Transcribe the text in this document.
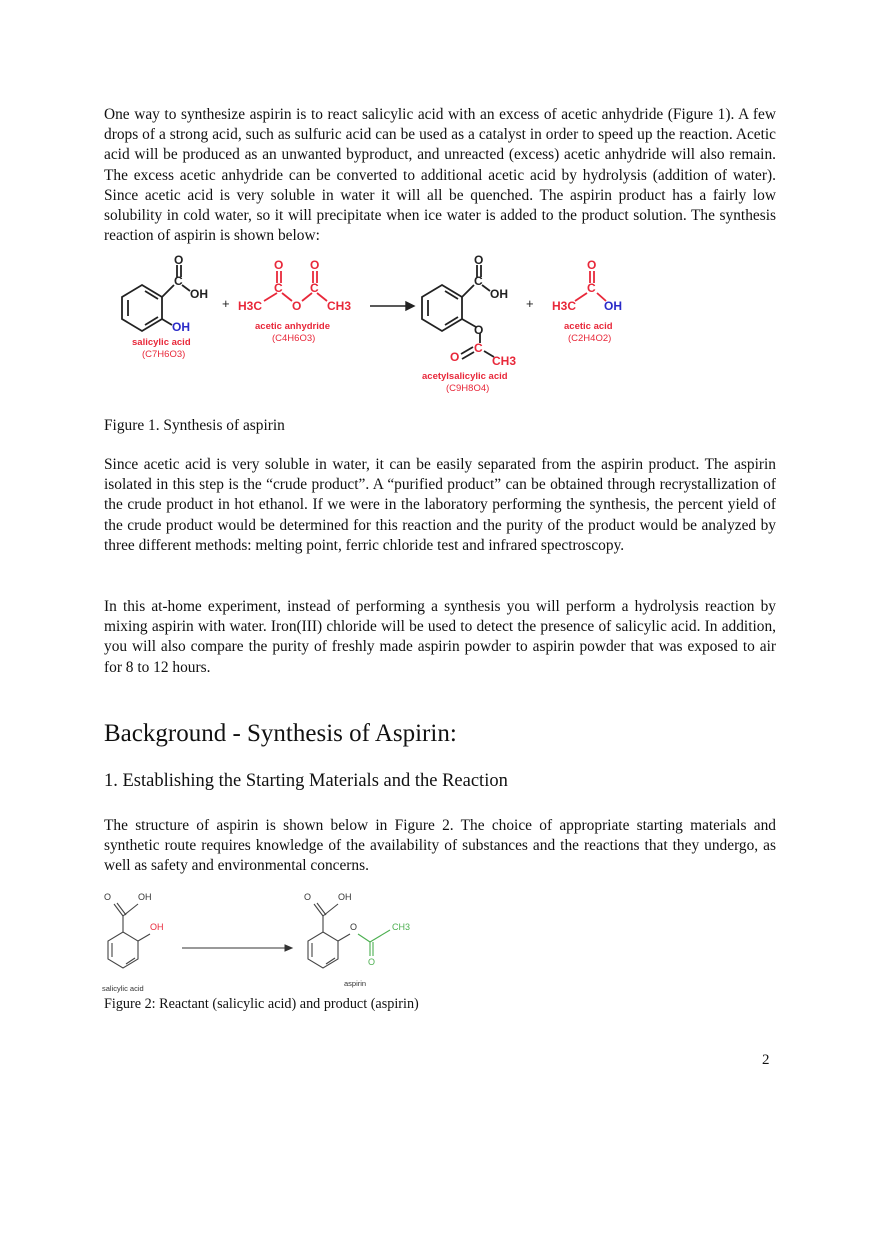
One way to synthesize aspirin is to react salicylic acid with an excess of acetic anhydride (Figure 1). A few drops of a strong acid, such as sulfuric acid can be used as a catalyst in order to speed up the reaction. Acetic acid will be produced as an unwanted byproduct, and unreacted (excess) acetic anhydride will also remain. The excess acetic anhydride can be converted to additional acetic acid by hydrolysis (addition of water). Since acetic acid is very soluble in water it will all be quenched. The aspirin product has a fairly low solubility in cold water, so it will precipitate when ice water is added to the product solution. The synthesis reaction of aspirin is shown below:

O
C
OH
OH
salicylic acid
(C7H6O3)
+
O O
C C
O
H3C	CH3
acetic anhydride
(C4H6O3)
O
C
OH
O
C
O	CH3
acetylsalicylic acid
(C9H8O4)
+
O
C
H3C OH
acetic acid
(C2H4O2)

Figure 1. Synthesis of aspirin

Since acetic acid is very soluble in water, it can be easily separated from the aspirin product. The aspirin isolated in this step is the “crude product”. A “purified product” can be obtained through recrystallization of the crude product in hot ethanol. If we were in the laboratory performing the synthesis, the percent yield of the crude product would be determined for this reaction and the purity of the product would be analyzed by three different methods: melting point, ferric chloride test and infrared spectroscopy.

In this at-home experiment, instead of performing a synthesis you will perform a hydrolysis reaction by mixing aspirin with water. Iron(III) chloride will be used to detect the presence of salicylic acid. In addition, you will also compare the purity of freshly made aspirin powder to aspirin powder that was exposed to air for 8 to 12 hours.

Background - Synthesis of Aspirin:
1. Establishing the Starting Materials and the Reaction

The structure of aspirin is shown below in Figure 2. The choice of appropriate starting materials and synthetic route requires knowledge of the availability of substances and the reactions that they undergo, as well as safety and environmental concerns.

O	OH
OH
salicylic acid
O	OH
O	CH3
O
aspirin

Figure 2: Reactant (salicylic acid) and product (aspirin)

2
